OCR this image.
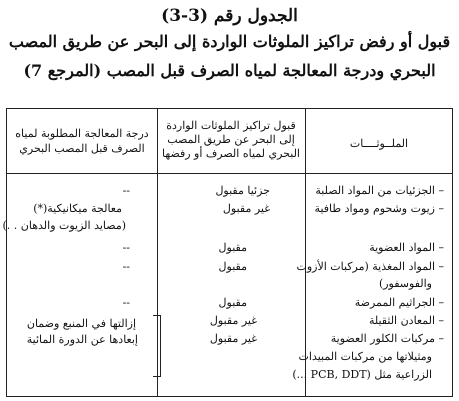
الجدول رقم (3-3)
قبول أو رفض تراكيز الملوثات الواردة إلى البحر عن طريق المصب
البحري ودرجة المعالجة لمياه الصرف قبل المصب (المرجع 7)
الملــوثــــات
قبول تراكيز الملوثات الواردة
إلى البحر عن طريق المصب
البحري لمياه الصرف أو رفضها
درجة المعالجة المطلوبة لمياه
الصرف قبل المصب البحري
– الجزئيات من المواد الصلبة
جزئيا مقبول
--
– زيوت وشحوم ومواد طافية
غير مقبول
معالجة ميكانيكية(*)
(مصايد الزيوت والدهان . .)
– المواد العضوية
مقبول
--
– المواد المغذية (مركبات الأزوت
والفوسفور)
مقبول
--
– الجراثيم الممرضة
مقبول
--
– المعادن الثقيلة
غير مقبول
– مركبات الكلور العضوية
ومثيلاتها من مركبات المبيدات
الزراعية مثل (PCB, DDT ...)
غير مقبول
إزالتها في المنبع وضمان
إبعادها عن الدورة المائية
